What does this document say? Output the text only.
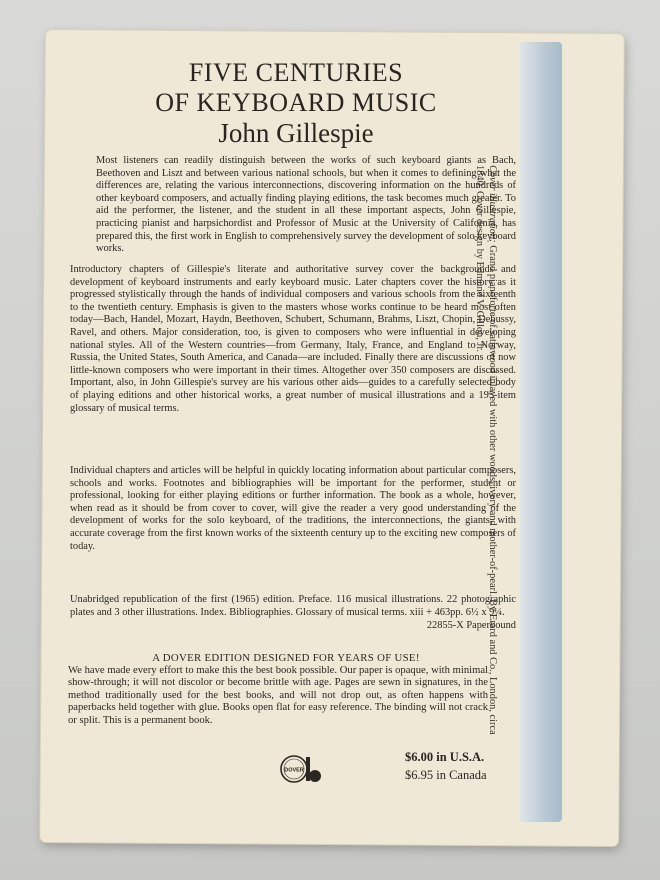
FIVE CENTURIES
OF KEYBOARD MUSIC
John Gillespie

Most listeners can readily distinguish between the works of such keyboard giants as Bach, Beethoven and Liszt and between various national schools, but when it comes to defining what the differences are, relating the various interconnections, discovering information on the hundreds of other keyboard composers, and actually finding playing editions, the task becomes much greater. To aid the performer, the listener, and the student in all these important aspects, John Gillespie, practicing pianist and harpsichordist and Professor of Music at the University of California, has prepared this, the first work in English to comprehensively survey the development of solo keyboard works.

Introductory chapters of Gillespie's literate and authoritative survey cover the backgrounds and development of keyboard instruments and early keyboard music. Later chapters cover the history as it progressed stylistically through the hands of individual composers and various schools from the sixteenth to the twentieth century. Emphasis is given to the masters whose works continue to be heard most often today—Bach, Handel, Mozart, Haydn, Beethoven, Schubert, Schumann, Brahms, Liszt, Chopin, Debussy, Ravel, and others. Major consideration, too, is given to composers who were influential in developing national styles. All of the Western countries—from Germany, Italy, France, and England to Norway, Russia, the United States, South America, and Canada—are included. Finally there are discussions of now little-known composers who were important in their times. Altogether over 350 composers are discussed. Important, also, in John Gillespie's survey are his various other aids—guides to a carefully selected body of playing editions and other historical works, a great number of musical illustrations and a 195-item glossary of musical terms.

Individual chapters and articles will be helpful in quickly locating information about particular composers, schools and works. Footnotes and bibliographies will be important for the performer, student or professional, looking for either playing editions or further information. The book as a whole, however, when read as it should be from cover to cover, will give the reader a very good understanding of the development of works for the solo keyboard, of the traditions, the interconnections, the giants, with accurate coverage from the first known works of the sixteenth century up to the exciting new composers of today.

Unabridged republication of the first (1965) edition. Preface. 116 musical illustrations. 22 photographic plates and 3 other illustrations. Index. Bibliographies. Glossary of musical terms. xiii + 463pp. 6½ x 9¼.

22855-X Paperbound
A DOVER EDITION DESIGNED FOR YEARS OF USE!

We have made every effort to make this the best book possible. Our paper is opaque, with minimal show-through; it will not discolor or become brittle with age. Pages are sewn in signatures, in the method traditionally used for the best books, and will not drop out, as often happens with paperbacks held together with glue. Books open flat for easy reference. The binding will not crack or split. This is a permanent book.

DOVER
$6.00 in U.S.A.
$6.95 in Canada
Cover illustration: Grand pianoforte of satinwood inlayed with other woods, ivory and mother-of-pearl. By Erard and Co., London, circa 1840. Cover design by Edmund V. Gillon, Jr.
